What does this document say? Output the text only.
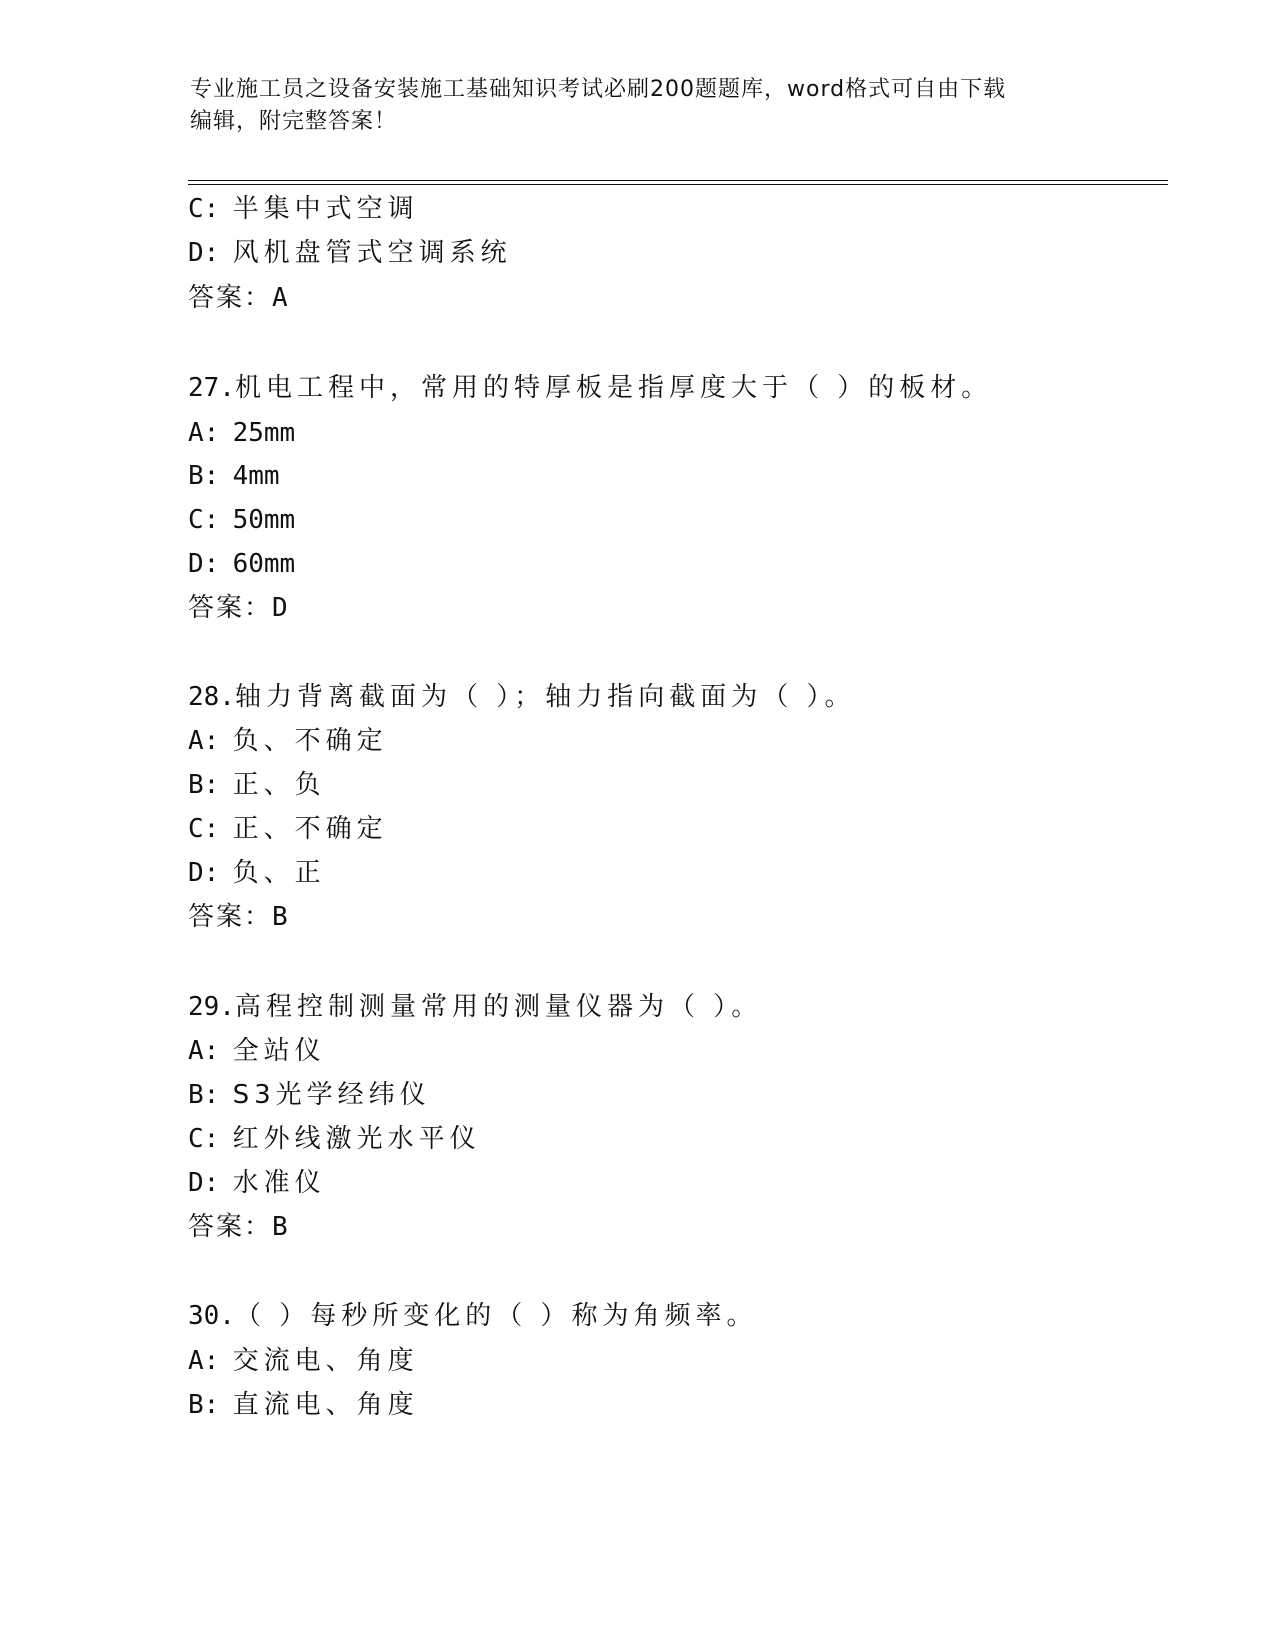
专业施工员之设备安装施工基础知识考试必刷200题题库，word格式可自由下载
编辑，附完整答案！
C: 半集中式空调
D: 风机盘管式空调系统
答案：A
27.机电工程中，常用的特厚板是指厚度大于（ ）的板材。
A: 25mm
B: 4mm
C: 50mm
D: 60mm
答案：D
28.轴力背离截面为（ ）；轴力指向截面为（ ）。
A: 负、不确定
B: 正、负
C: 正、不确定
D: 负、正
答案：B
29.高程控制测量常用的测量仪器为（ ）。
A: 全站仪
B: S3光学经纬仪
C: 红外线激光水平仪
D: 水准仪
答案：B
30.（ ）每秒所变化的（ ）称为角频率。
A: 交流电、角度
B: 直流电、角度
